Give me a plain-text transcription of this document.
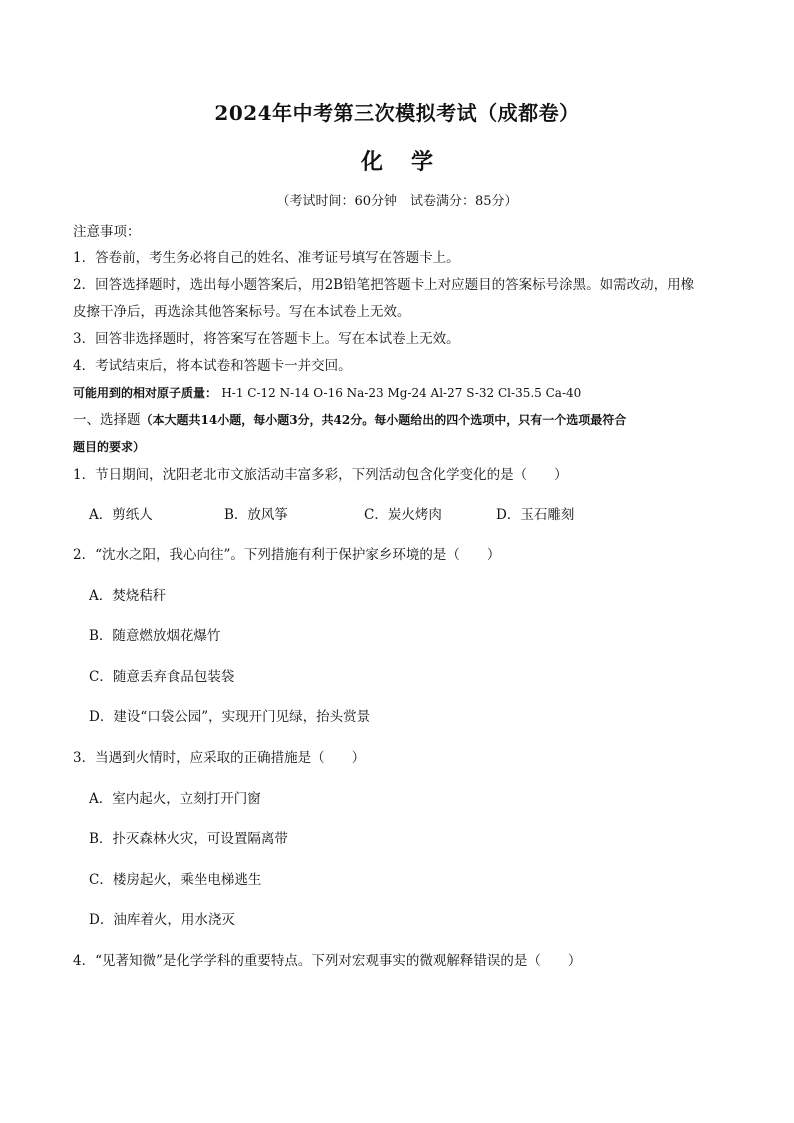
2024年中考第三次模拟考试（成都卷）
化学
（考试时间：60分钟　试卷满分：85分）
注意事项：
1．答卷前，考生务必将自己的姓名、准考证号填写在答题卡上。
2．回答选择题时，选出每小题答案后，用2B铅笔把答题卡上对应题目的答案标号涂黑。如需改动，用橡
皮擦干净后，再选涂其他答案标号。写在本试卷上无效。
3．回答非选择题时，将答案写在答题卡上。写在本试卷上无效。
4．考试结束后，将本试卷和答题卡一并交回。
可能用到的相对原子质量： H-1 C-12 N-14 O-16 Na-23 Mg-24 Al-27 S-32 Cl-35.5 Ca-40
一、选择题（本大题共14小题，每小题3分，共42分。每小题给出的四个选项中，只有一个选项最符合
题目的要求）
1．节日期间，沈阳老北市文旅活动丰富多彩，下列活动包含化学变化的是（　　）
A．剪纸人	B．放风筝	C．炭火烤肉	D．玉石雕刻
2．“沈水之阳，我心向往”。下列措施有利于保护家乡环境的是（　　）
A．焚烧秸秆
B．随意燃放烟花爆竹
C．随意丢弃食品包装袋
D．建设“口袋公园”，实现开门见绿，抬头赏景
3．当遇到火情时，应采取的正确措施是（　　）
A．室内起火，立刻打开门窗
B．扑灭森林火灾，可设置隔离带
C．楼房起火，乘坐电梯逃生
D．油库着火，用水浇灭
4．“见著知微”是化学学科的重要特点。下列对宏观事实的微观解释错误的是（　　）
